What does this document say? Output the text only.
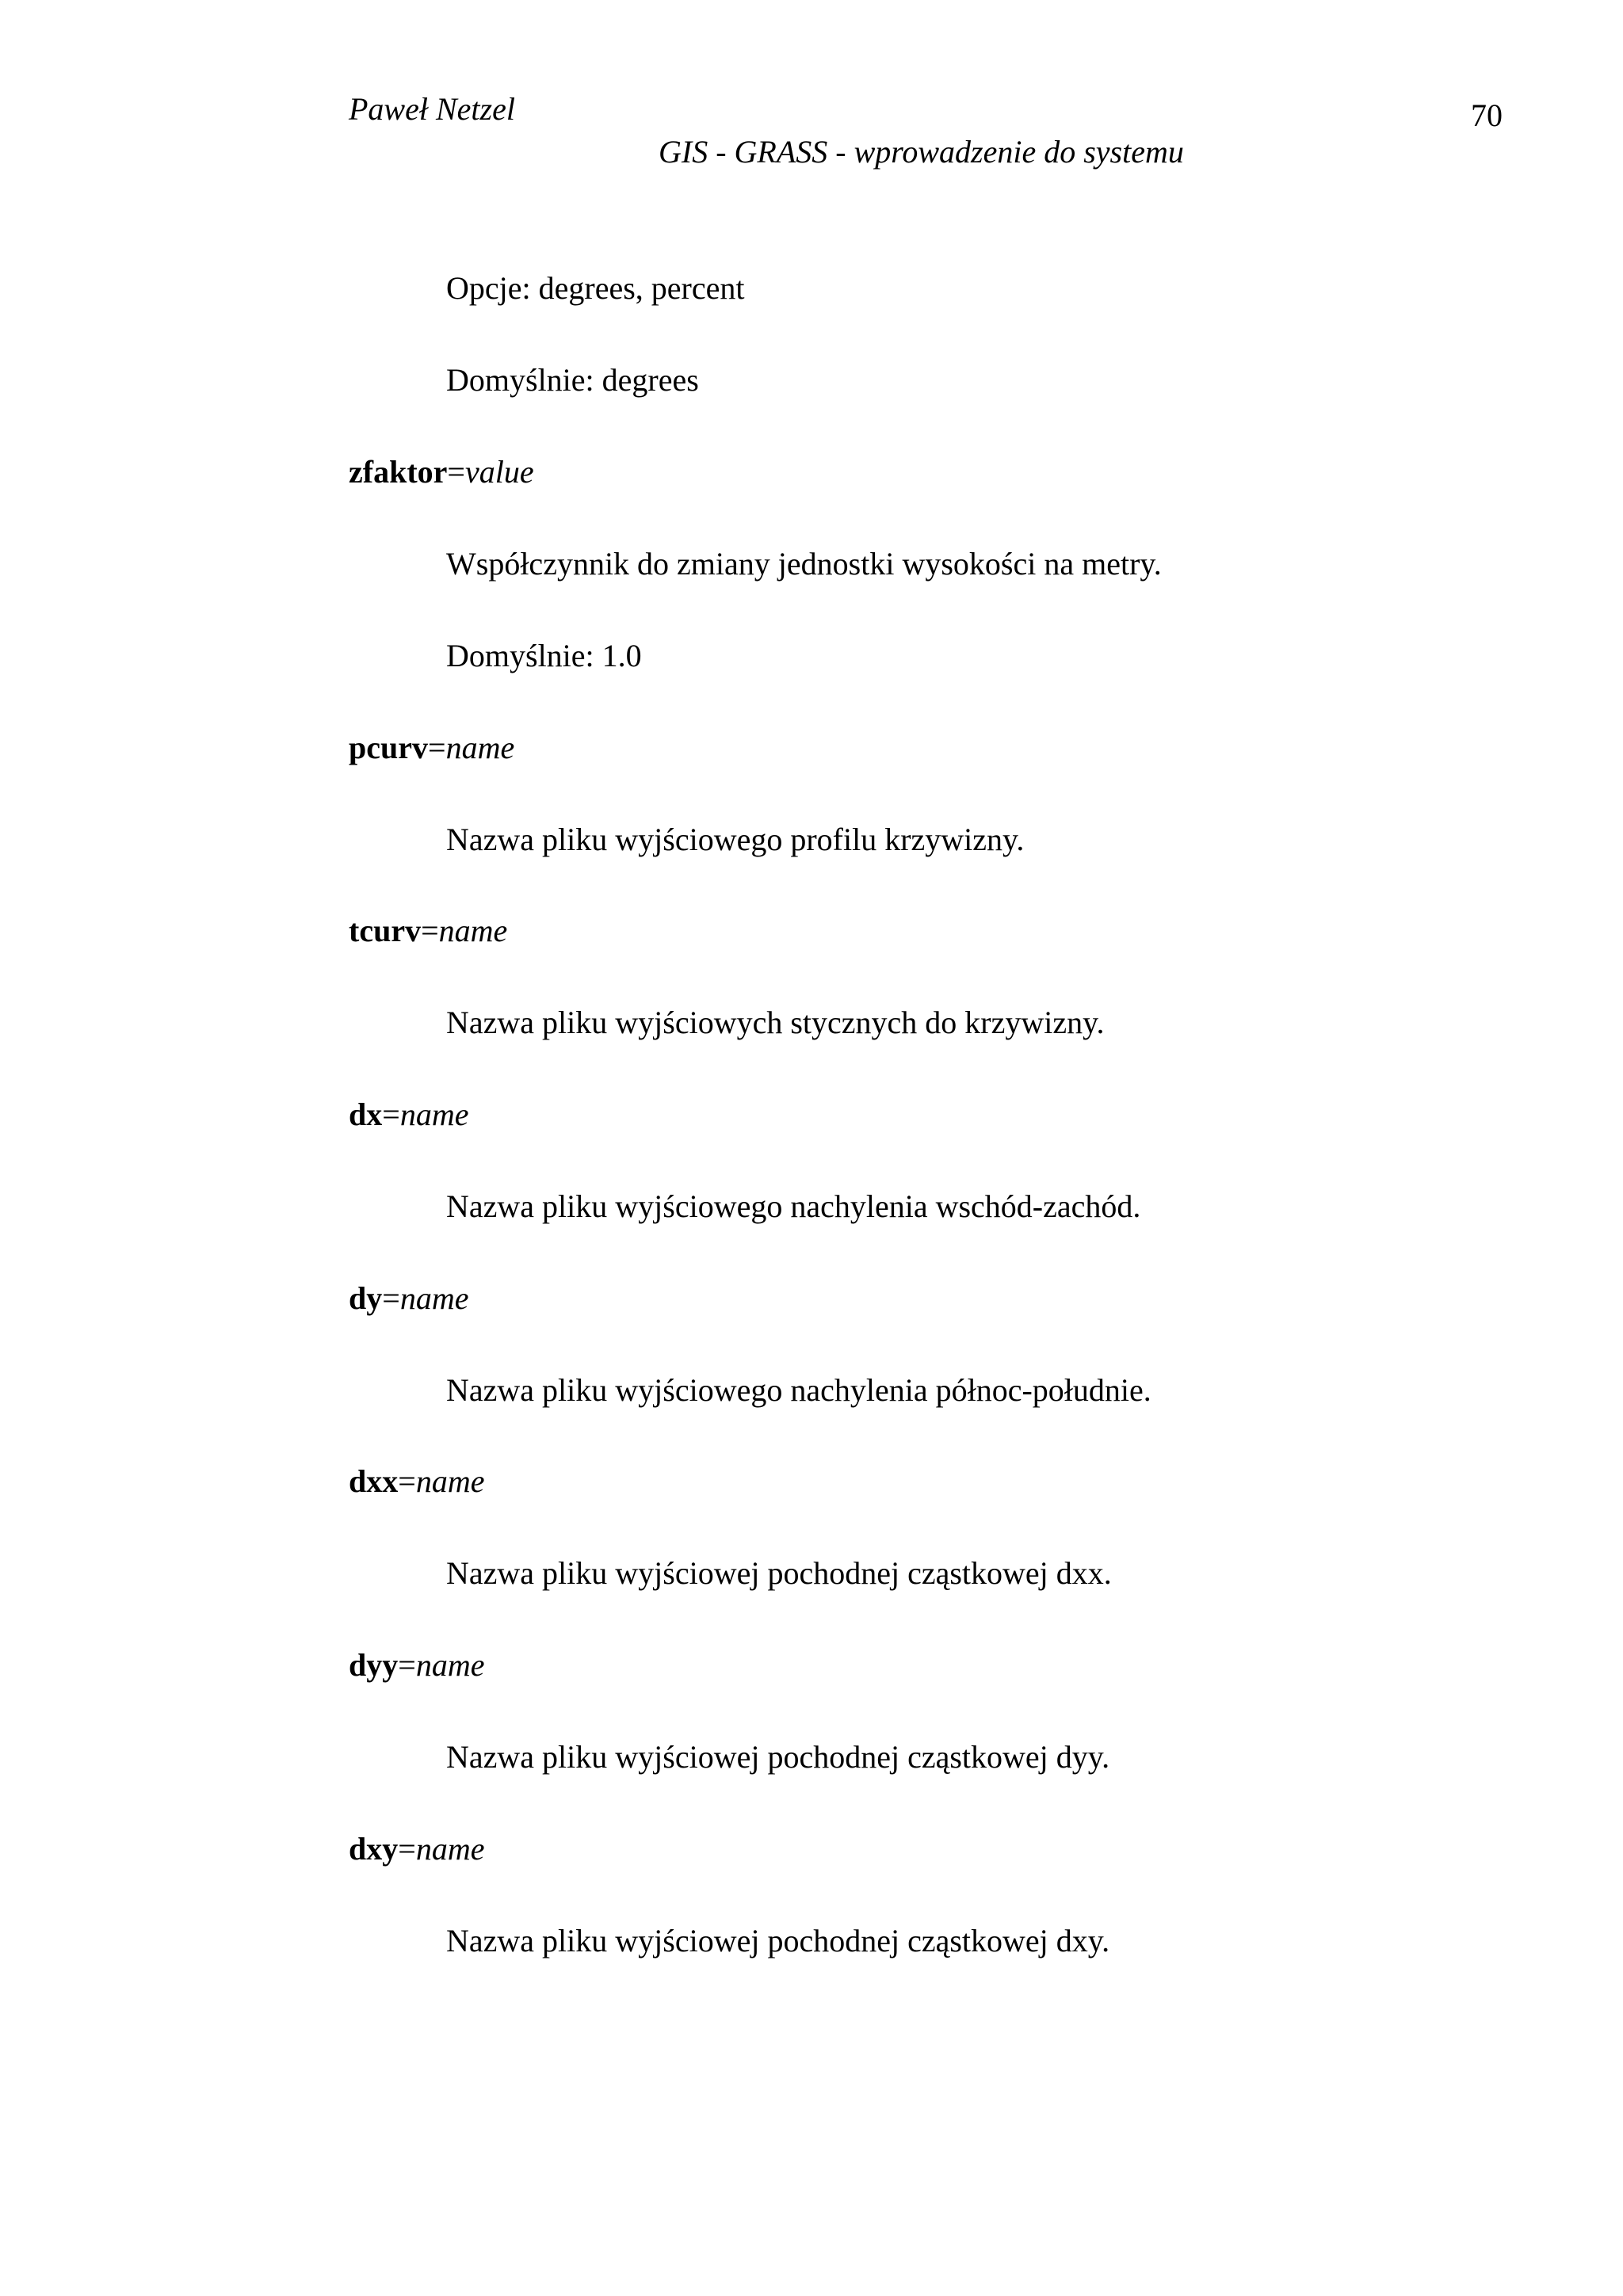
Paweł Netzel	70
GIS - GRASS - wprowadzenie do systemu
Opcje: degrees, percent
Domyślnie: degrees
zfaktor=value
Współczynnik do zmiany jednostki wysokości na metry.
Domyślnie: 1.0
pcurv=name
Nazwa pliku wyjściowego profilu krzywizny.
tcurv=name
Nazwa pliku wyjściowych stycznych do krzywizny.
dx=name
Nazwa pliku wyjściowego nachylenia wschód-zachód.
dy=name
Nazwa pliku wyjściowego nachylenia północ-południe.
dxx=name
Nazwa pliku wyjściowej pochodnej cząstkowej dxx.
dyy=name
Nazwa pliku wyjściowej pochodnej cząstkowej dyy.
dxy=name
Nazwa pliku wyjściowej pochodnej cząstkowej dxy.
